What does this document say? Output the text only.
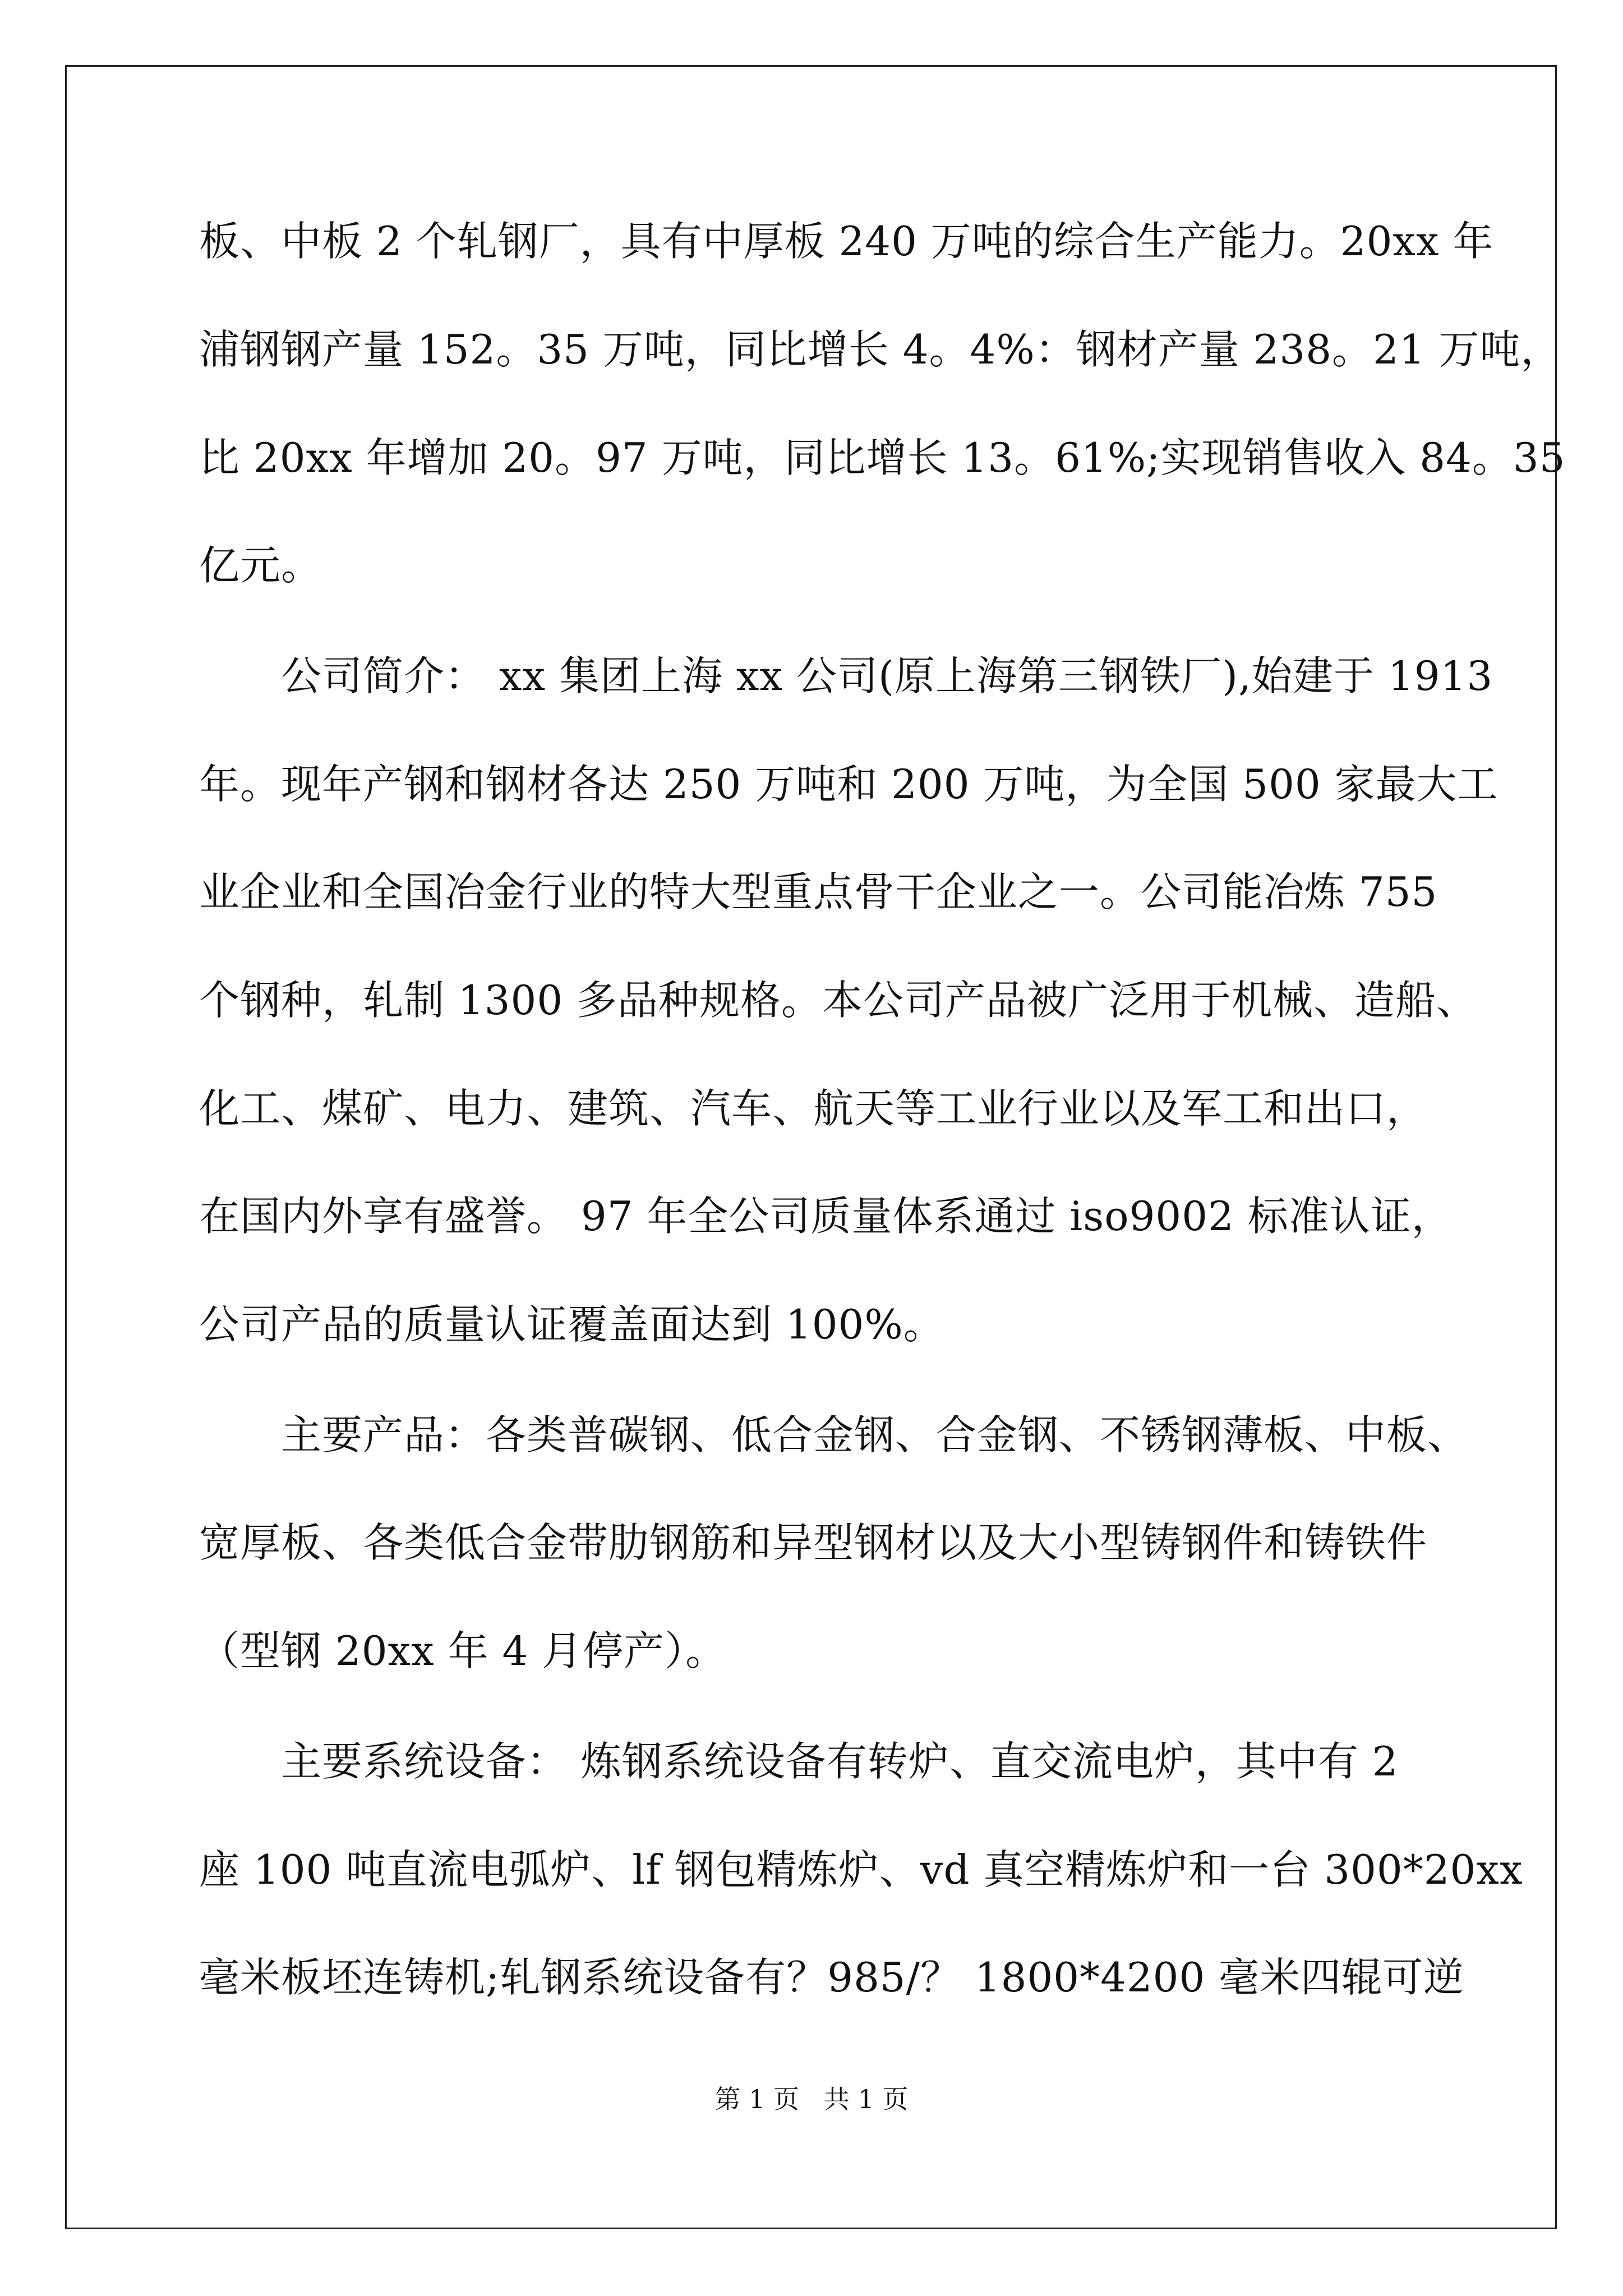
板、中板 2 个轧钢厂，具有中厚板 240 万吨的综合生产能力。20xx 年
浦钢钢产量 152。35 万吨，同比增长 4。4%：钢材产量 238。21 万吨，
比 20xx 年增加 20。97 万吨，同比增长 13。61%;实现销售收入 84。35
亿元。
　　公司简介： xx 集团上海 xx 公司(原上海第三钢铁厂),始建于 1913
年。现年产钢和钢材各达 250 万吨和 200 万吨，为全国 500 家最大工
业企业和全国冶金行业的特大型重点骨干企业之一。公司能冶炼 755
个钢种，轧制 1300 多品种规格。本公司产品被广泛用于机械、造船、
化工、煤矿、电力、建筑、汽车、航天等工业行业以及军工和出口，
在国内外享有盛誉。 97 年全公司质量体系通过 iso9002 标准认证，
公司产品的质量认证覆盖面达到 100%。
　　主要产品：各类普碳钢、低合金钢、合金钢、不锈钢薄板、中板、
宽厚板、各类低合金带肋钢筋和异型钢材以及大小型铸钢件和铸铁件
（型钢 20xx 年 4 月停产）。
　　主要系统设备： 炼钢系统设备有转炉、直交流电炉，其中有 2
座 100 吨直流电弧炉、lf 钢包精炼炉、vd 真空精炼炉和一台 300*20xx
毫米板坯连铸机;轧钢系统设备有？985/？ 1800*4200 毫米四辊可逆
第 1 页   共 1 页
